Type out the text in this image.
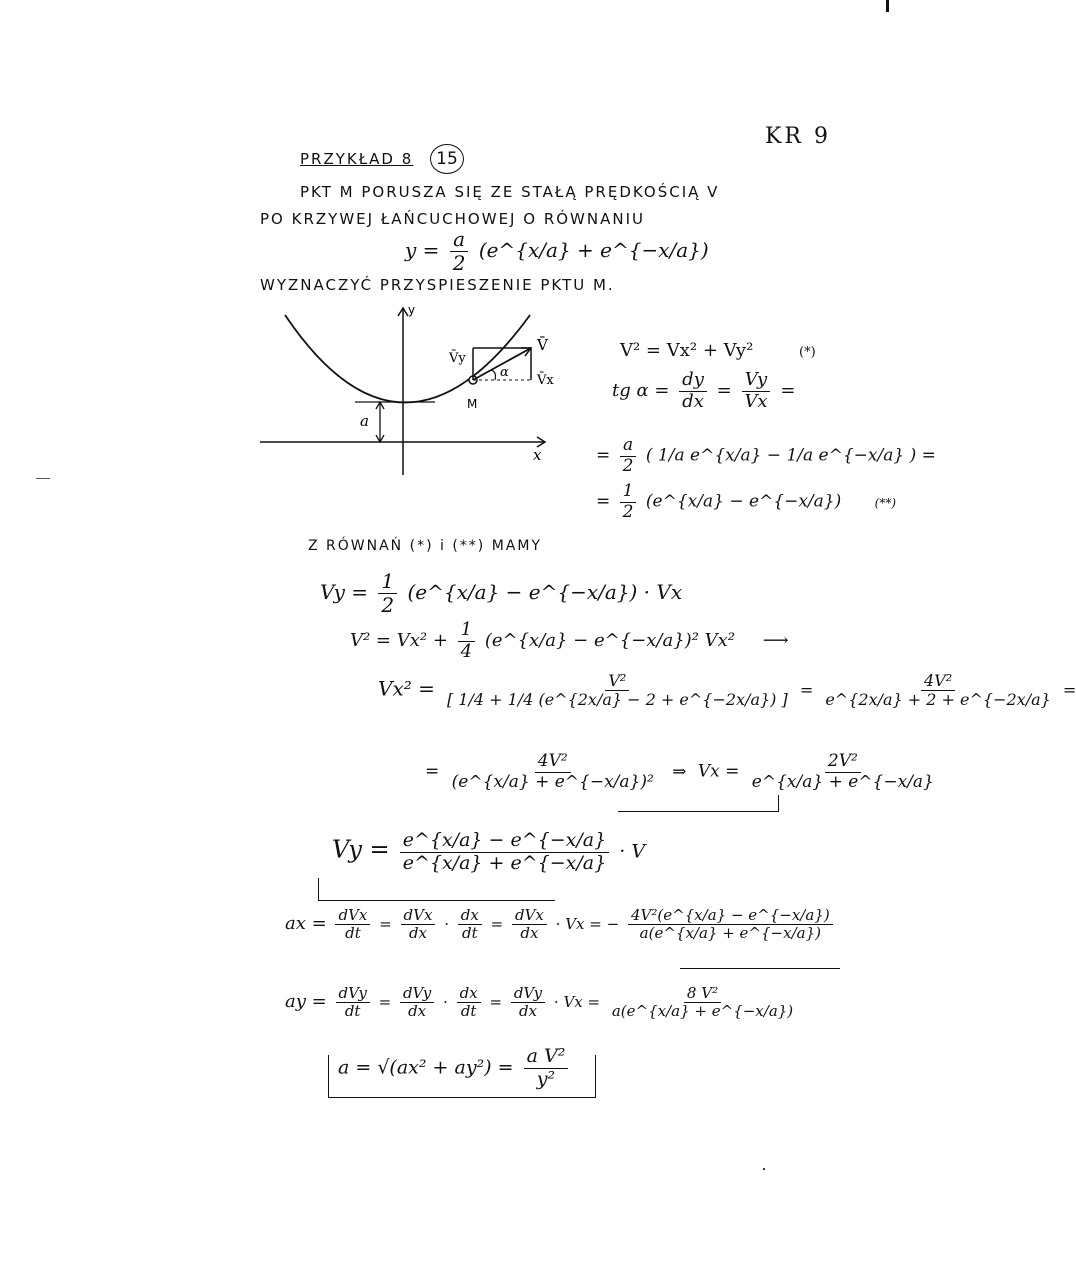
KR 9
PRZYKŁAD 8	15
PKT M PORUSZA SIĘ ZE STAŁĄ PRĘDKOŚCIĄ V
PO KRZYWEJ ŁAŃCUCHOWEJ O RÓWNANIU
$y = \frac{a}{2}$ (e^{x/a} + e^{−x/a})
WYZNACZYĆ PRZYSPIESZENIE PKTU M.
a
M
y
x
V̄
V̄y
V̄x
α
V² = Vx² + Vy²	(*)
tg $\alpha = \frac{dy}{dx} = \frac{Vy}{Vx}$ =
= $\frac{a}{2}$ ( 1/a e^{x/a} − 1/a e^{−x/a} ) =
= $\frac{1}{2}$ (e^{x/a} − e^{−x/a})	(**)
Z RÓWNAŃ (*) i (**) MAMY
$Vy = \frac{1}{2}$ (e^{x/a} − e^{−x/a}) · Vx
$V^2 = Vx^2 + \frac{1}{4}$ (e^{x/a} − e^{−x/a})² Vx² ⟶
$Vx^2 = \frac{\text{V²}}{[ 1/4 + 1/4 (e\^{}\{2x/a\} - 2 + e\^{}\{-2x/a\}) ]} = \frac{\text{4V²}}{e\^{}\{2x/a\} + 2 + e\^{}\{-2x/a\}}$ =
= $\frac{\text{4V²}}{\text{(e\textasciicircum{}\{x/a\} + e\textasciicircum{}\{−x/a\})²}}$ ⇒ $Vx = \frac{\text{2V²}}{e\^{}\{x/a\} + e\^{}\{-x/a\}}$
$Vy = \frac{e\^{}\{x/a\} - e\^{}\{-x/a\}}{e\^{}\{x/a\} + e\^{}\{-x/a\}} \cdot V$
ax = $\frac{\text{dVx}}{dt} = \frac{\text{dVx}}{dx} \cdot \frac{dx}{dt} = \frac{\text{dVx}}{dx} \cdot Vx$ = − $\frac{\text{4V²(e\textasciicircum{}\{x/a\} − e\textasciicircum{}\{−x/a\})}}{a(e\^{}\{x/a\} + e\^{}\{-x/a\})}$
ay = $\frac{\text{dVy}}{dt} = \frac{\text{dVy}}{dx} \cdot \frac{dx}{dt} = \frac{\text{dVy}}{dx} \cdot Vx = \frac{\text{8 V²}}{a(e\^{}\{x/a\} + e\^{}\{-x/a\})}$
$a = √(ax^2 + ay^2) = \frac{\text{a V²}}{\text{y²}}$
